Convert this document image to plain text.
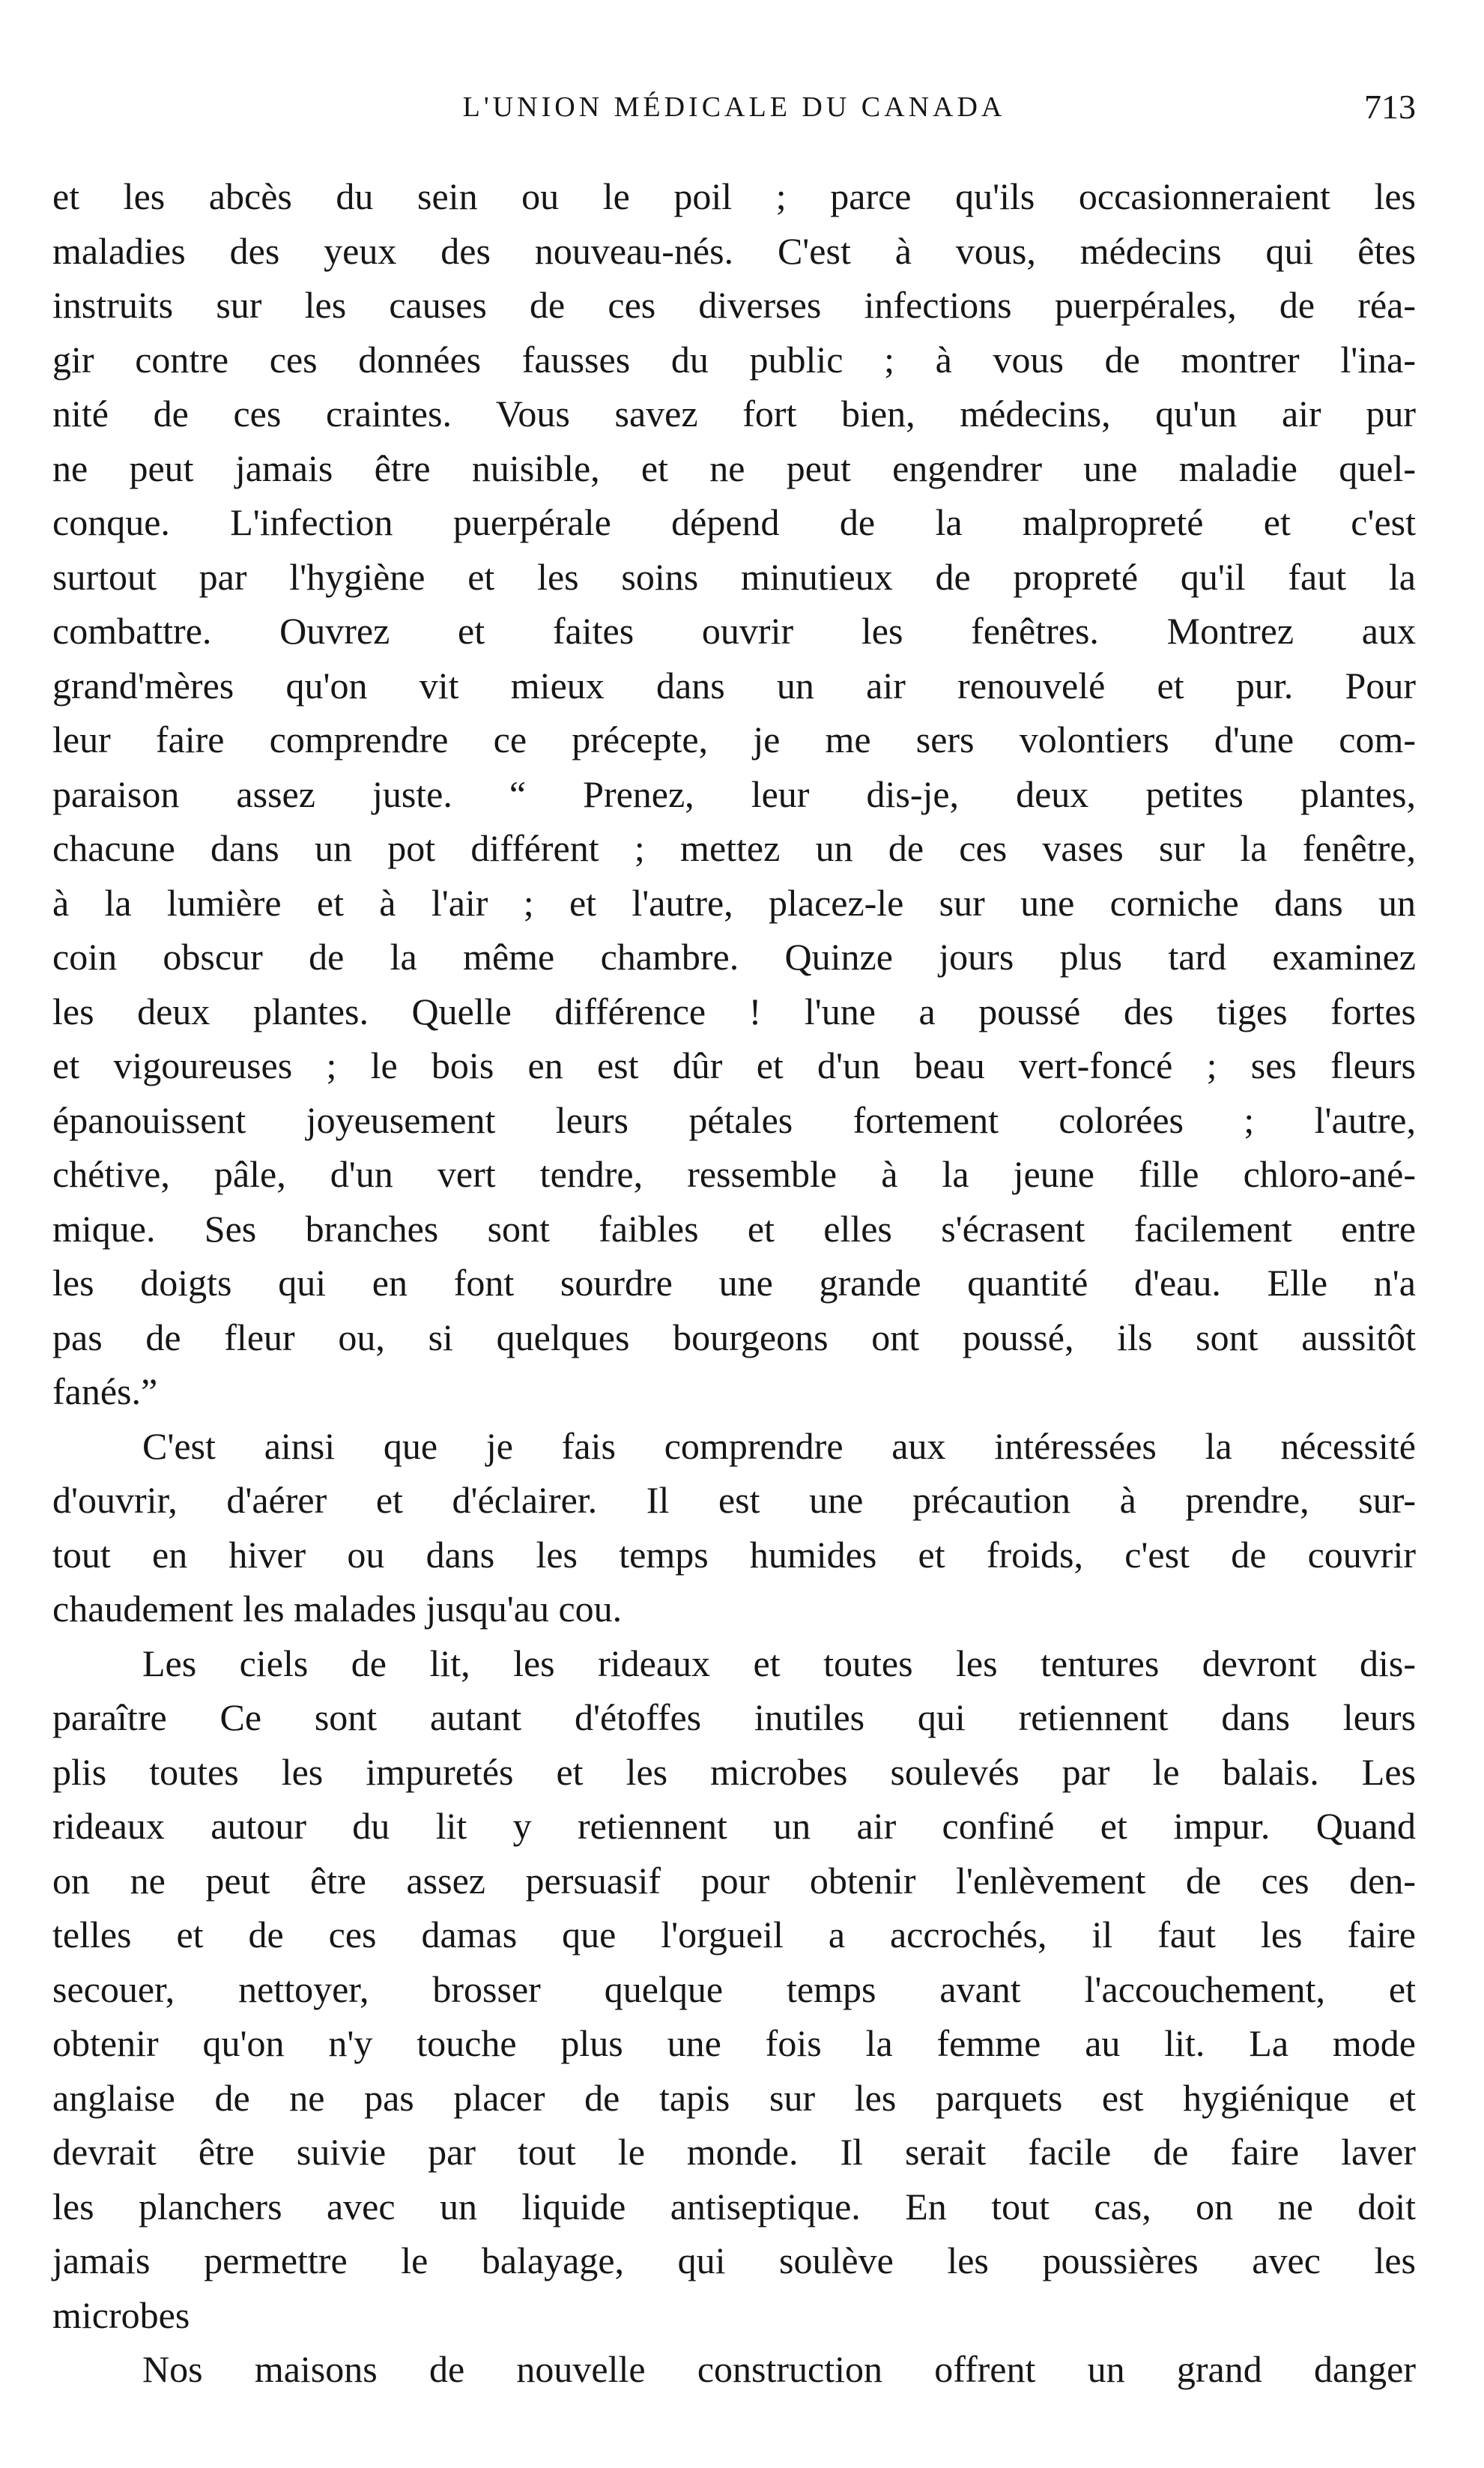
L'UNION MÉDICALE DU CANADA	713
et les abcès du sein ou le poil ; parce qu'ils occasionneraient les
maladies des yeux des nouveau-nés. C'est à vous, médecins qui êtes
instruits sur les causes de ces diverses infections puerpérales, de réa-
gir contre ces données fausses du public ; à vous de montrer l'ina-
nité de ces craintes. Vous savez fort bien, médecins, qu'un air pur
ne peut jamais être nuisible, et ne peut engendrer une maladie quel-
conque. L'infection puerpérale dépend de la malpropreté et c'est
surtout par l'hygiène et les soins minutieux de propreté qu'il faut la
combattre. Ouvrez et faites ouvrir les fenêtres. Montrez aux
grand'mères qu'on vit mieux dans un air renouvelé et pur. Pour
leur faire comprendre ce précepte, je me sers volontiers d'une com-
paraison assez juste. “ Prenez, leur dis-je, deux petites plantes,
chacune dans un pot différent ; mettez un de ces vases sur la fenêtre,
à la lumière et à l'air ; et l'autre, placez-le sur une corniche dans un
coin obscur de la même chambre. Quinze jours plus tard examinez
les deux plantes. Quelle différence ! l'une a poussé des tiges fortes
et vigoureuses ; le bois en est dûr et d'un beau vert-foncé ; ses fleurs
épanouissent joyeusement leurs pétales fortement colorées ; l'autre,
chétive, pâle, d'un vert tendre, ressemble à la jeune fille chloro-ané-
mique. Ses branches sont faibles et elles s'écrasent facilement entre
les doigts qui en font sourdre une grande quantité d'eau. Elle n'a
pas de fleur ou, si quelques bourgeons ont poussé, ils sont aussitôt
fanés.”
C'est ainsi que je fais comprendre aux intéressées la nécessité
d'ouvrir, d'aérer et d'éclairer. Il est une précaution à prendre, sur-
tout en hiver ou dans les temps humides et froids, c'est de couvrir
chaudement les malades jusqu'au cou.
Les ciels de lit, les rideaux et toutes les tentures devront dis-
paraître Ce sont autant d'étoffes inutiles qui retiennent dans leurs
plis toutes les impuretés et les microbes soulevés par le balais. Les
rideaux autour du lit y retiennent un air confiné et impur. Quand
on ne peut être assez persuasif pour obtenir l'enlèvement de ces den-
telles et de ces damas que l'orgueil a accrochés, il faut les faire
secouer, nettoyer, brosser quelque temps avant l'accouchement, et
obtenir qu'on n'y touche plus une fois la femme au lit. La mode
anglaise de ne pas placer de tapis sur les parquets est hygiénique et
devrait être suivie par tout le monde. Il serait facile de faire laver
les planchers avec un liquide antiseptique. En tout cas, on ne doit
jamais permettre le balayage, qui soulève les poussières avec les
microbes
Nos maisons de nouvelle construction offrent un grand danger
